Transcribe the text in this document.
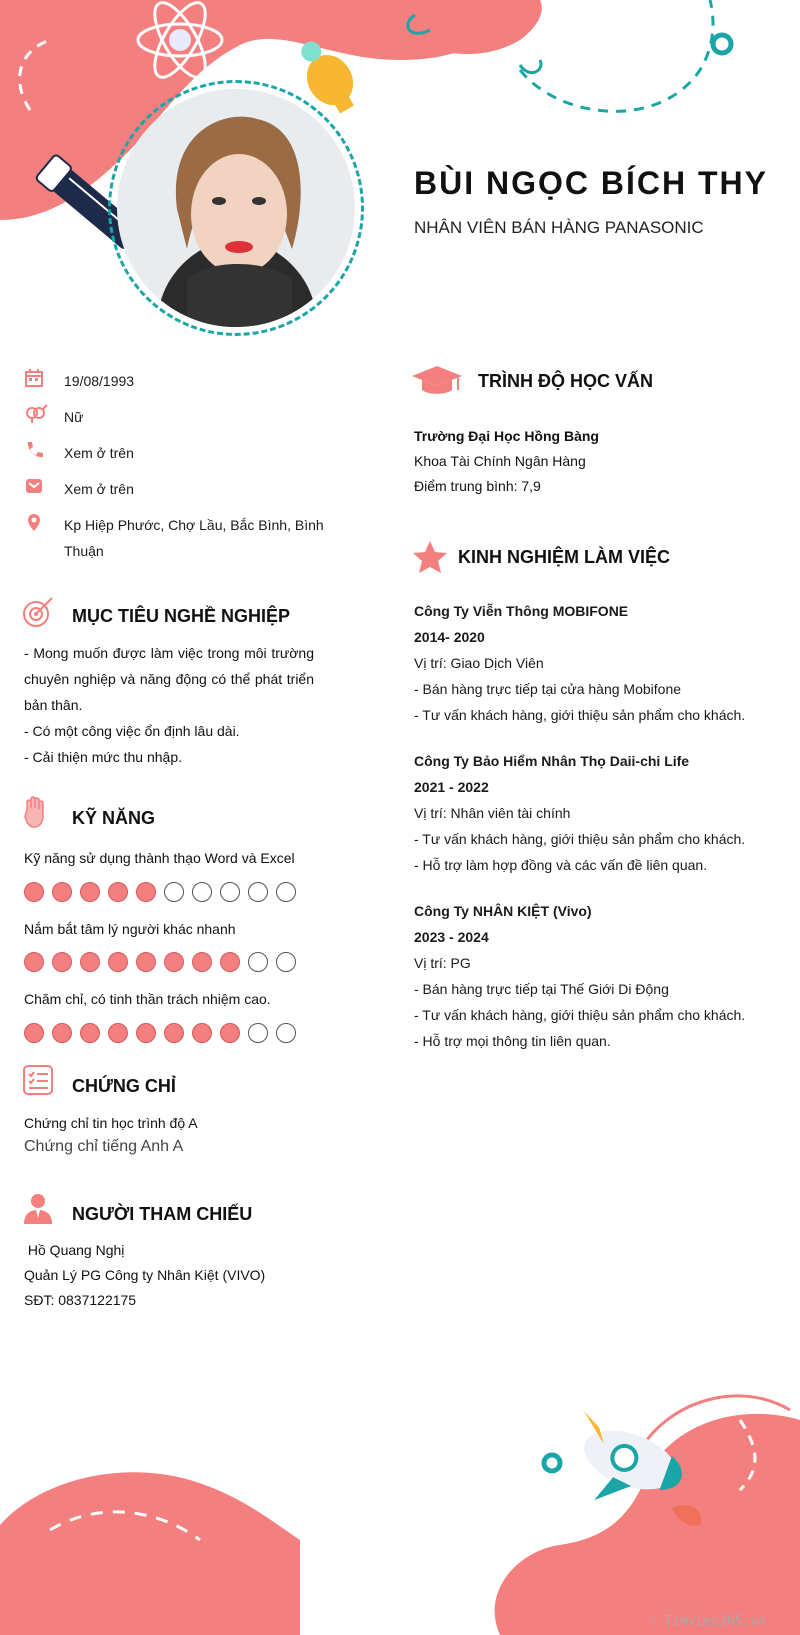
BÙI NGỌC BÍCH THY
NHÂN VIÊN BÁN HÀNG PANASONIC
19/08/1993
Nữ
Xem ở trên
Xem ở trên
Kp Hiệp Phước, Chợ Lầu, Bắc Bình, Bình Thuận
MỤC TIÊU NGHỀ NGHIỆP
- Mong muốn được làm việc trong môi trường chuyên nghiệp và năng động có thể phát triển bản thân.
- Có một công việc ổn định lâu dài.
- Cải thiện mức thu nhập.
KỸ NĂNG
Kỹ năng sử dụng thành thạo Word và Excel
Nắm bắt tâm lý người khác nhanh
Chăm chỉ, có tinh thần trách nhiệm cao.
CHỨNG CHỈ
Chứng chỉ tin học trình độ A
Chứng chỉ tiếng Anh A
NGƯỜI THAM CHIẾU
Hồ Quang Nghị
Quản Lý PG Công ty Nhân Kiệt (VIVO)
SĐT: 0837122175
TRÌNH ĐỘ HỌC VẤN
Trường Đại Học Hồng Bàng
Khoa Tài Chính Ngân Hàng
Điểm trung bình: 7,9
KINH NGHIỆM LÀM VIỆC
Công Ty Viễn Thông MOBIFONE
2014- 2020
Vị trí: Giao Dịch Viên
- Bán hàng trực tiếp tại cửa hàng Mobifone
- Tư vấn khách hàng, giới thiệu sản phẩm cho khách.
Công Ty Bảo Hiểm Nhân Thọ Daii-chi Life
2021 - 2022
Vị trí: Nhân viên tài chính
- Tư vấn khách hàng, giới thiệu sản phẩm cho khách.
- Hỗ trợ làm hợp đồng và các vấn đề liên quan.
Công Ty NHÂN KIỆT (Vivo)
2023 - 2024
Vị trí: PG
- Bán hàng trực tiếp tại Thế Giới Di Động
- Tư vấn khách hàng, giới thiệu sản phẩm cho khách.
- Hỗ trợ mọi thông tin liên quan.
∴ Timviec365.vn
